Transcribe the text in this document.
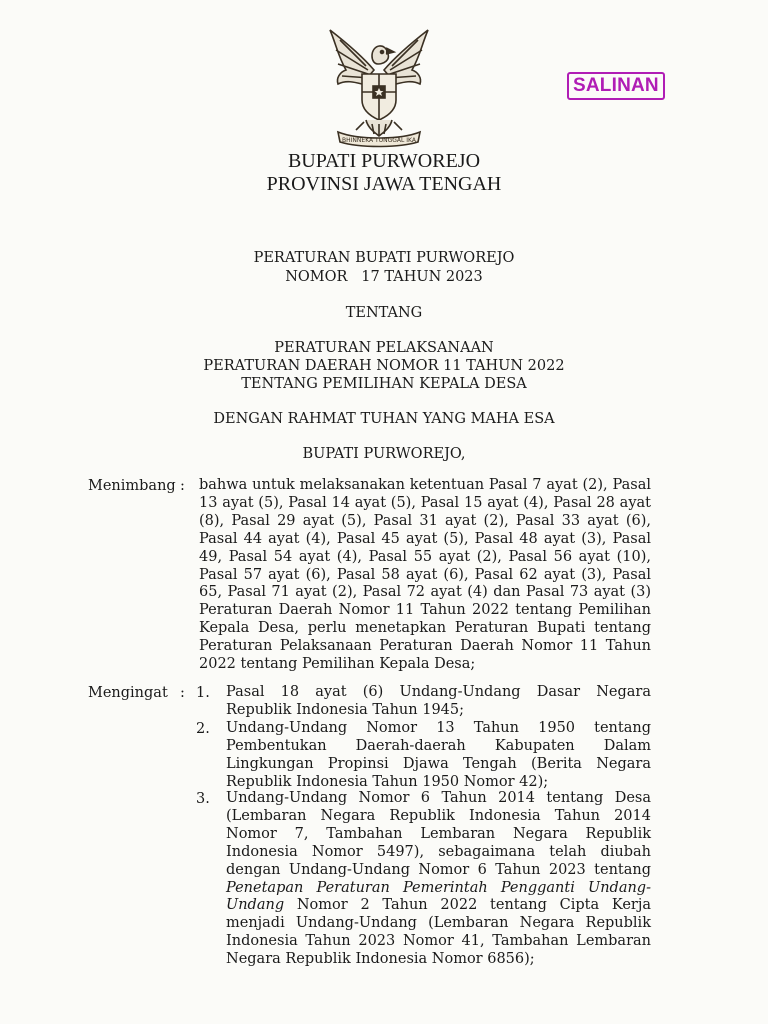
BHINNEKA TUNGGAL IKA
SALINAN
BUPATI PURWOREJO
PROVINSI JAWA TENGAH
PERATURAN BUPATI PURWOREJO
NOMOR   17 TAHUN 2023
TENTANG
PERATURAN PELAKSANAAN
PERATURAN DAERAH NOMOR 11 TAHUN 2022
TENTANG PEMILIHAN KEPALA DESA
DENGAN RAHMAT TUHAN YANG MAHA ESA
BUPATI PURWOREJO,
Menimbang : bahwa untuk melaksanakan ketentuan Pasal 7 ayat (2), Pasal 13 ayat (5), Pasal 14 ayat (5), Pasal 15 ayat (4), Pasal 28 ayat (8), Pasal 29 ayat (5), Pasal 31 ayat (2), Pasal 33 ayat (6), Pasal 44 ayat (4), Pasal 45 ayat (5), Pasal 48 ayat (3), Pasal 49, Pasal 54 ayat (4), Pasal 55 ayat (2), Pasal 56 ayat (10), Pasal 57 ayat (6), Pasal 58 ayat (6), Pasal 62 ayat (3), Pasal 65, Pasal 71 ayat (2), Pasal 72 ayat (4) dan Pasal 73 ayat (3) Peraturan Daerah Nomor 11 Tahun 2022 tentang Pemilihan Kepala Desa, perlu menetapkan Peraturan Bupati tentang Peraturan Pelaksanaan Peraturan Daerah Nomor 11 Tahun 2022 tentang Pemilihan Kepala Desa;
Mengingat : 1. Pasal 18 ayat (6) Undang-Undang Dasar Negara Republik Indonesia Tahun 1945;
2. Undang-Undang Nomor 13 Tahun 1950 tentang Pembentukan Daerah-daerah Kabupaten Dalam Lingkungan Propinsi Djawa Tengah (Berita Negara Republik Indonesia Tahun 1950 Nomor 42);
3. Undang-Undang Nomor 6 Tahun 2014 tentang Desa (Lembaran Negara Republik Indonesia Tahun 2014 Nomor 7, Tambahan Lembaran Negara Republik Indonesia Nomor 5497), sebagaimana telah diubah dengan Undang-Undang Nomor 6 Tahun 2023 tentang Penetapan Peraturan Pemerintah Pengganti Undang-Undang Nomor 2 Tahun 2022 tentang Cipta Kerja menjadi Undang-Undang (Lembaran Negara Republik Indonesia Tahun 2023 Nomor 41, Tambahan Lembaran Negara Republik Indonesia Nomor 6856);
